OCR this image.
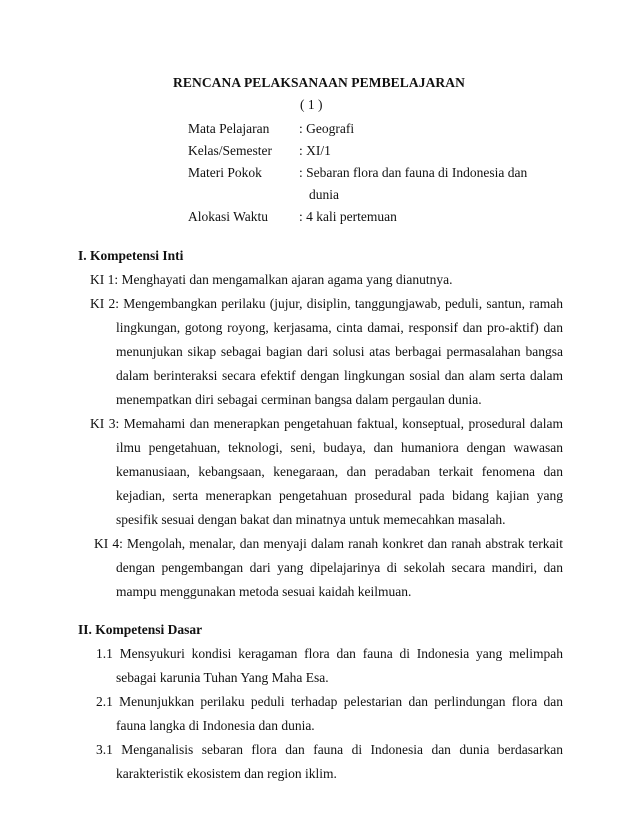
RENCANA PELAKSANAAN PEMBELAJARAN
( 1 )
Mata Pelajaran : Geografi
Kelas/Semester : XI/1
Materi Pokok	: Sebaran flora dan fauna di Indonesia dan
dunia
Alokasi Waktu : 4 kali pertemuan
I. Kompetensi Inti
KI 1: Menghayati dan mengamalkan ajaran agama yang dianutnya.
KI 2: Mengembangkan perilaku (jujur, disiplin, tanggungjawab, peduli, santun, ramah
lingkungan, gotong royong, kerjasama, cinta damai, responsif dan pro-aktif) dan
menunjukan sikap sebagai bagian dari solusi atas berbagai permasalahan bangsa
dalam berinteraksi secara efektif dengan lingkungan sosial dan alam serta dalam
menempatkan diri sebagai cerminan bangsa dalam pergaulan dunia.
KI 3: Memahami dan menerapkan pengetahuan faktual, konseptual, prosedural dalam
ilmu pengetahuan, teknologi, seni, budaya, dan humaniora dengan wawasan
kemanusiaan, kebangsaan, kenegaraan, dan peradaban terkait fenomena dan
kejadian, serta menerapkan pengetahuan prosedural pada bidang kajian yang
spesifik sesuai dengan bakat dan minatnya untuk memecahkan masalah.
KI 4: Mengolah, menalar, dan menyaji dalam ranah konkret dan ranah abstrak terkait
dengan pengembangan dari yang dipelajarinya di sekolah secara mandiri, dan
mampu menggunakan metoda sesuai kaidah keilmuan.
II. Kompetensi Dasar
1.1 Mensyukuri kondisi keragaman flora dan fauna di Indonesia yang melimpah
sebagai karunia Tuhan Yang Maha Esa.
2.1 Menunjukkan perilaku peduli terhadap pelestarian dan perlindungan flora dan
fauna langka di Indonesia dan dunia.
3.1 Menganalisis sebaran flora dan fauna di Indonesia dan dunia berdasarkan
karakteristik ekosistem dan region iklim.
